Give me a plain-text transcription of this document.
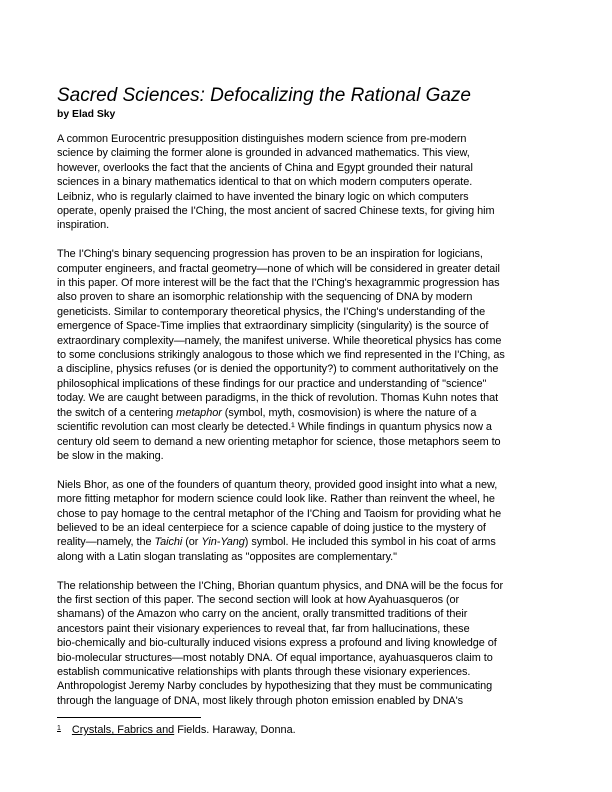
Sacred Sciences: Defocalizing the Rational Gaze

by Elad Sky

A common Eurocentric presupposition distinguishes modern science from pre-modern
science by claiming the former alone is grounded in advanced mathematics. This view,
however, overlooks the fact that the ancients of China and Egypt grounded their natural
sciences in a binary mathematics identical to that on which modern computers operate.
Leibniz, who is regularly claimed to have invented the binary logic on which computers
operate, openly praised the I'Ching, the most ancient of sacred Chinese texts, for giving him
inspiration.

The I'Ching's binary sequencing progression has proven to be an inspiration for logicians,
computer engineers, and fractal geometry—none of which will be considered in greater detail
in this paper. Of more interest will be the fact that the I'Ching's hexagrammic progression has
also proven to share an isomorphic relationship with the sequencing of DNA by modern
geneticists. Similar to contemporary theoretical physics, the I'Ching's understanding of the
emergence of Space-Time implies that extraordinary simplicity (singularity) is the source of
extraordinary complexity—namely, the manifest universe. While theoretical physics has come
to some conclusions strikingly analogous to those which we find represented in the I'Ching, as
a discipline, physics refuses (or is denied the opportunity?) to comment authoritatively on the
philosophical implications of these findings for our practice and understanding of "science"
today. We are caught between paradigms, in the thick of revolution. Thomas Kuhn notes that
the switch of a centering metaphor (symbol, myth, cosmovision) is where the nature of a
scientific revolution can most clearly be detected.¹ While findings in quantum physics now a
century old seem to demand a new orienting metaphor for science, those metaphors seem to
be slow in the making.

Niels Bhor, as one of the founders of quantum theory, provided good insight into what a new,
more fitting metaphor for modern science could look like. Rather than reinvent the wheel, he
chose to pay homage to the central metaphor of the I'Ching and Taoism for providing what he
believed to be an ideal centerpiece for a science capable of doing justice to the mystery of
reality—namely, the Taichi (or Yin-Yang) symbol. He included this symbol in his coat of arms
along with a Latin slogan translating as "opposites are complementary."

The relationship between the I'Ching, Bhorian quantum physics, and DNA will be the focus for
the first section of this paper. The second section will look at how Ayahuasqueros (or
shamans) of the Amazon who carry on the ancient, orally transmitted traditions of their
ancestors paint their visionary experiences to reveal that, far from hallucinations, these
bio-chemically and bio-culturally induced visions express a profound and living knowledge of
bio-molecular structures—most notably DNA. Of equal importance, ayahuasqueros claim to
establish communicative relationships with plants through these visionary experiences.
Anthropologist Jeremy Narby concludes by hypothesizing that they must be communicating
through the language of DNA, most likely through photon emission enabled by DNA's

$^1$ Crystals, Fabrics and Fields. Haraway, Donna.
